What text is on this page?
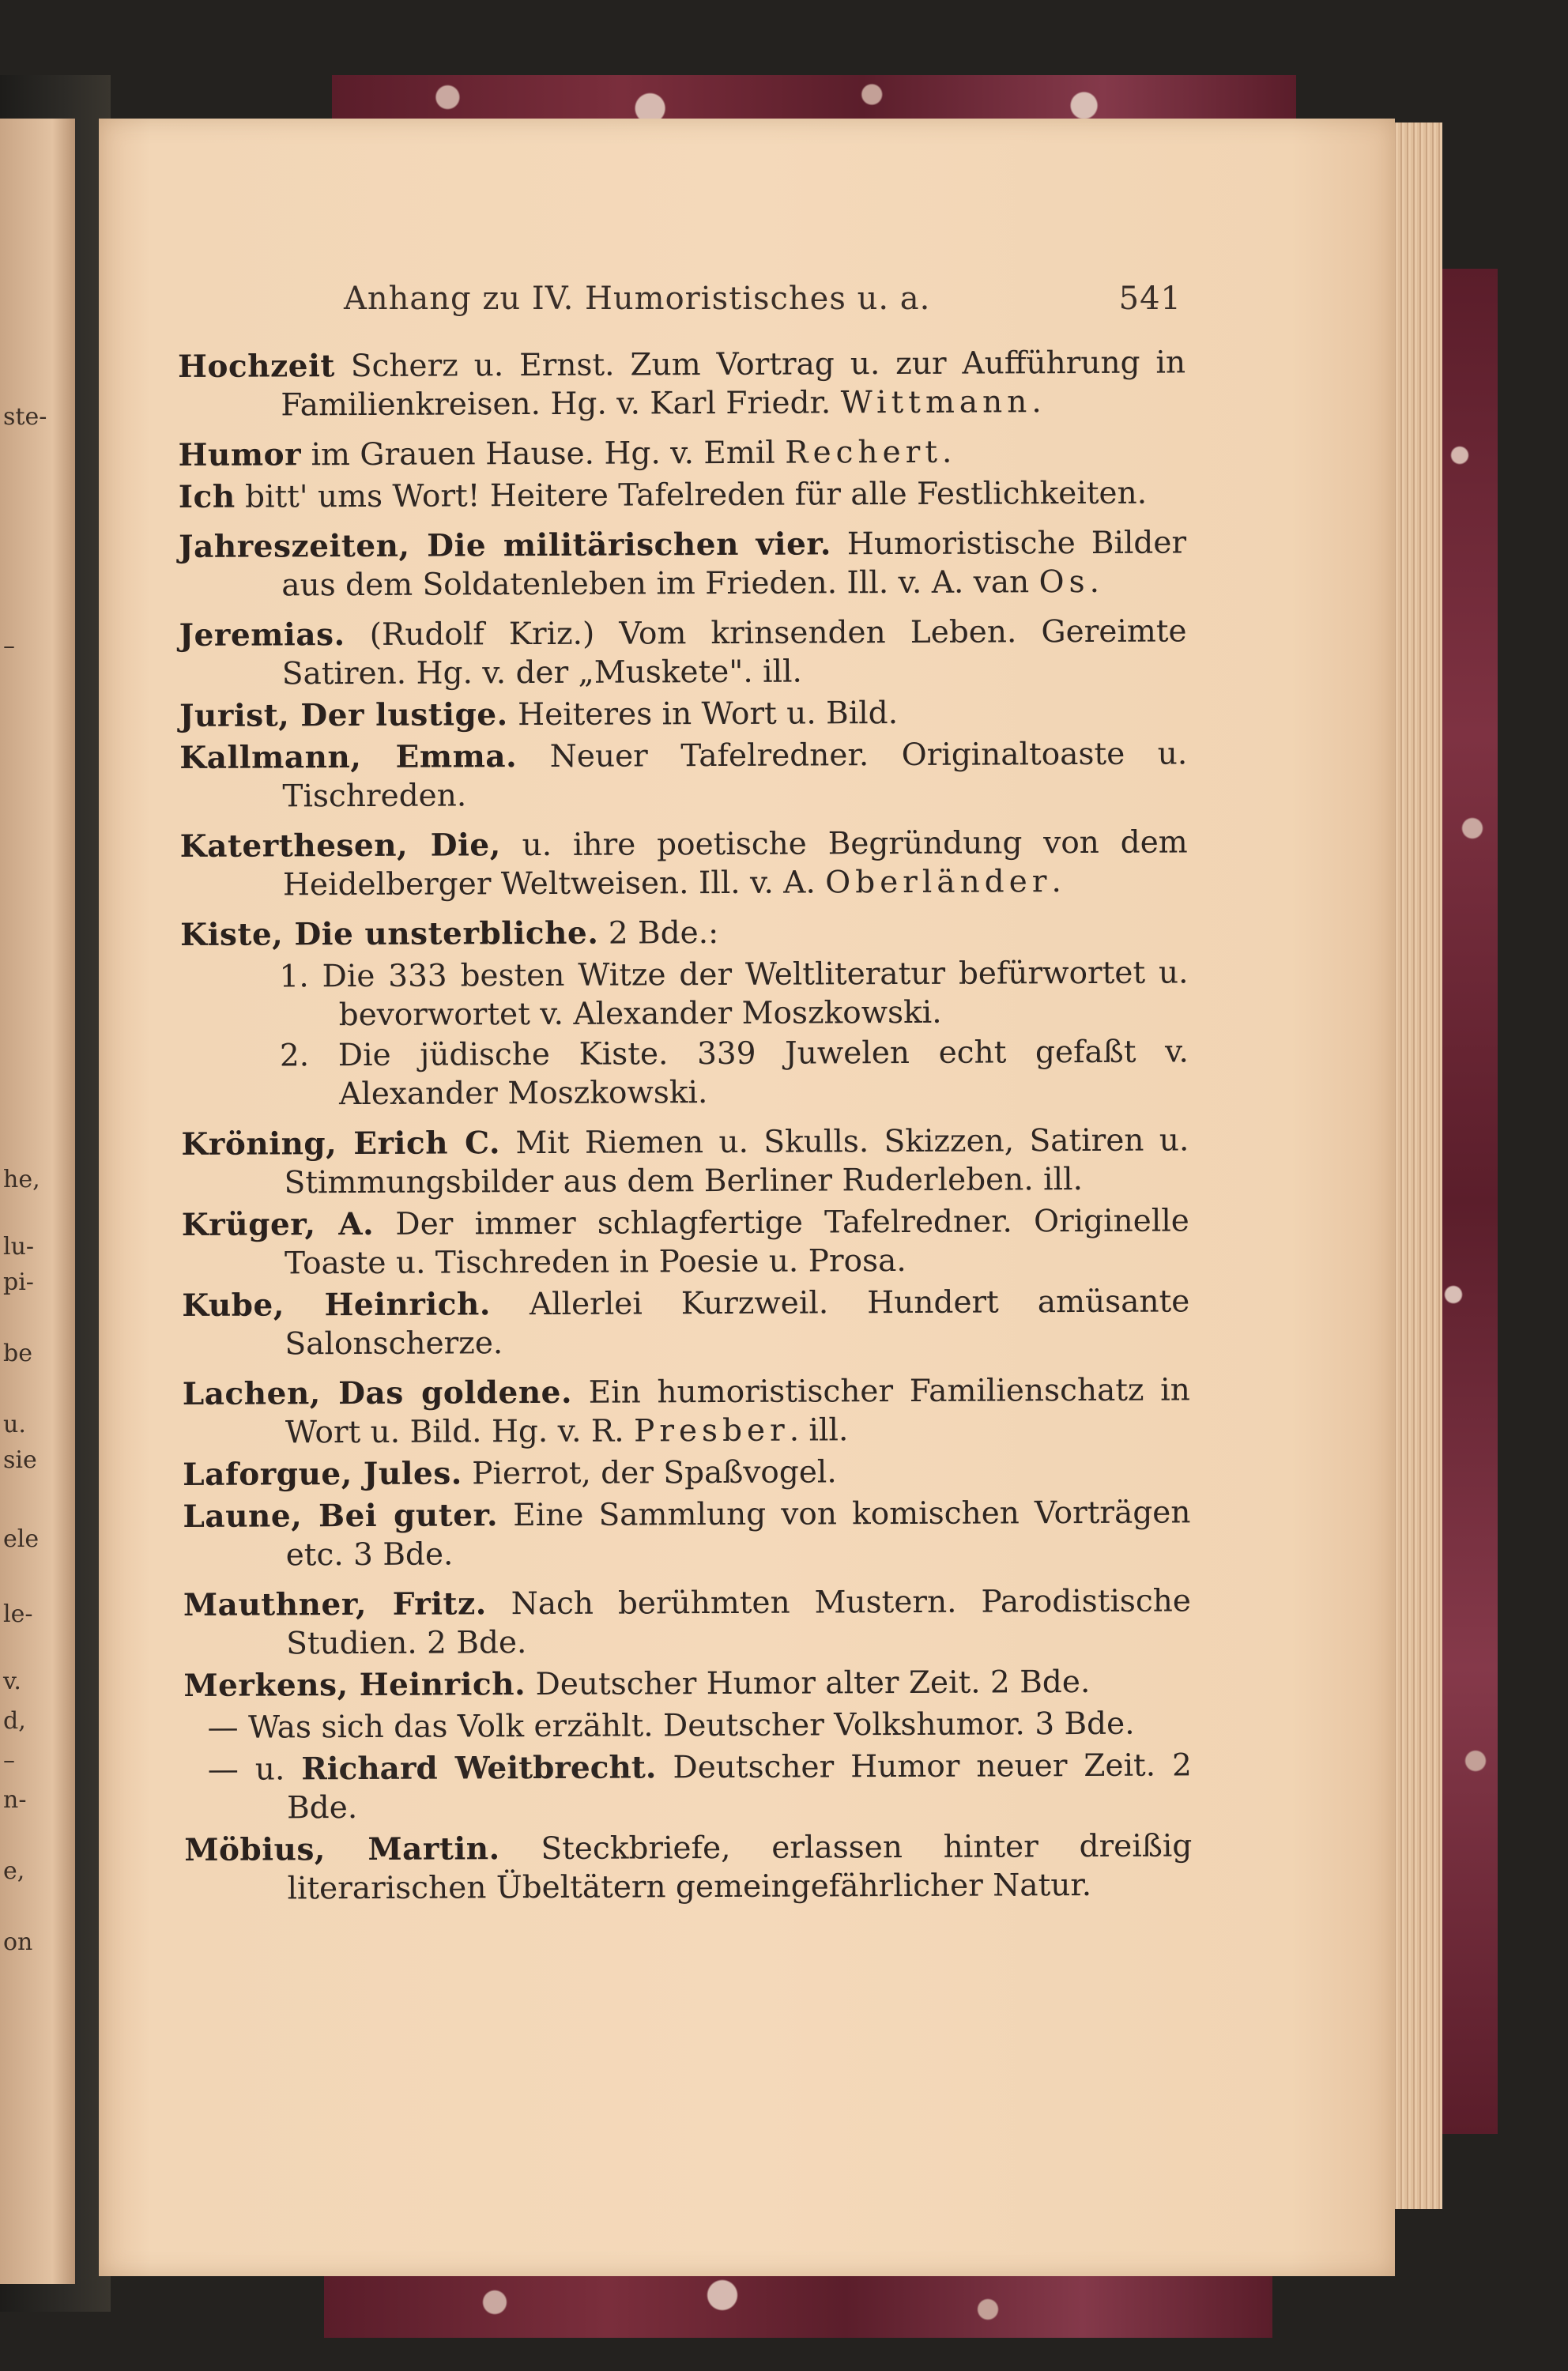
ste-
–
he,
lu-
pi-
be
u.
sie
ele
le-
v.
d,
–
n-
e,
on
Anhang zu IV. Humoristisches u. a.	541

Hochzeit Scherz u. Ernst. Zum Vortrag u. zur Aufführung in Familienkreisen. Hg. v. Karl Friedr. Wittmann.

Humor im Grauen Hause. Hg. v. Emil Rechert.

Ich bitt' ums Wort! Heitere Tafelreden für alle Festlichkeiten.

Jahreszeiten, Die militärischen vier. Humoristische Bilder aus dem Soldatenleben im Frieden. Ill. v. A. van Os.

Jeremias. (Rudolf Kriz.) Vom krinsenden Leben. Gereimte Satiren. Hg. v. der „Muskete". ill.

Jurist, Der lustige. Heiteres in Wort u. Bild.

Kallmann, Emma. Neuer Tafelredner. Originaltoaste u. Tischreden.

Katerthesen, Die, u. ihre poetische Begründung von dem Heidelberger Weltweisen. Ill. v. A. Oberländer.

Kiste, Die unsterbliche. 2 Bde.:

1. Die 333 besten Witze der Weltliteratur befürwortet u. bevorwortet v. Alexander Moszkowski.

2. Die jüdische Kiste. 339 Juwelen echt gefaßt v. Alexander Moszkowski.

Kröning, Erich C. Mit Riemen u. Skulls. Skizzen, Satiren u. Stimmungsbilder aus dem Berliner Ruderleben. ill.

Krüger, A. Der immer schlagfertige Tafelredner. Originelle Toaste u. Tischreden in Poesie u. Prosa.

Kube, Heinrich. Allerlei Kurzweil. Hundert amüsante Salonscherze.

Lachen, Das goldene. Ein humoristischer Familienschatz in Wort u. Bild. Hg. v. R. Presber. ill.

Laforgue, Jules. Pierrot, der Spaßvogel.

Laune, Bei guter. Eine Sammlung von komischen Vorträgen etc. 3 Bde.

Mauthner, Fritz. Nach berühmten Mustern. Parodistische Studien. 2 Bde.

Merkens, Heinrich. Deutscher Humor alter Zeit. 2 Bde.

— Was sich das Volk erzählt. Deutscher Volkshumor. 3 Bde.

— u. Richard Weitbrecht. Deutscher Humor neuer Zeit. 2 Bde.

Möbius, Martin. Steckbriefe, erlassen hinter dreißig literarischen Übeltätern gemeingefährlicher Natur.
